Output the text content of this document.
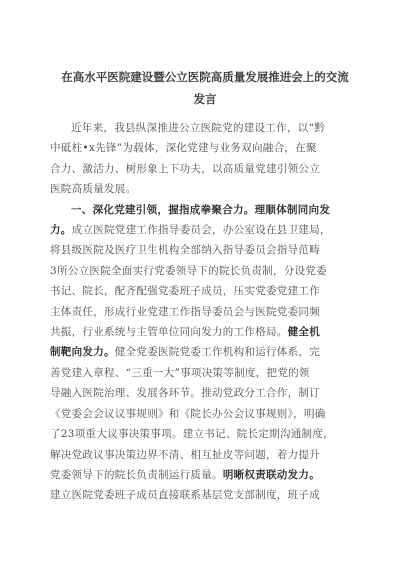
在高水平医院建设暨公立医院高质量发展推进会上的交流

发言

近年来，我县纵深推进公立医院党的建设工作，以“黔
中砥柱•x先锋”为载体，深化党建与业务双向融合，在聚
合力、激活力、树形象上下功夫，以高质量党建引领公立
医院高质量发展。
一、深化党建引领，握指成拳聚合力。理顺体制同向发
力。成立医院党建工作指导委员会，办公室设在县卫建局，
将县级医院及医疗卫生机构全部纳入指导委员会指导范畴
3所公立医院全面实行党委领导下的院长负责制，分设党委
书记、院长，配齐配强党委班子成员，压实党委党建工作
主体责任，形成行业党建工作指导委员会与医院党委同频
共振，行业系统与主管单位同向发力的工作格局。健全机
制靶向发力。健全党委医院党委工作机构和运行体系，完
善党建入章程、“三重一大”事项决策等制度，把党的领
导融入医院治理、发展各环节。推动党政分工合作，制订
《党委会会议议事规则》和《院长办公会议事规则》，明确
了23项重大议事决策事项。建立书记、院长定期沟通制度，
解决党政议事决策边界不清、相互扯皮等问题，着力提升
党委领导下的院长负责制运行质量。明晰权责联动发力。
建立医院党委班子成员直接联系基层党支部制度，班子成
